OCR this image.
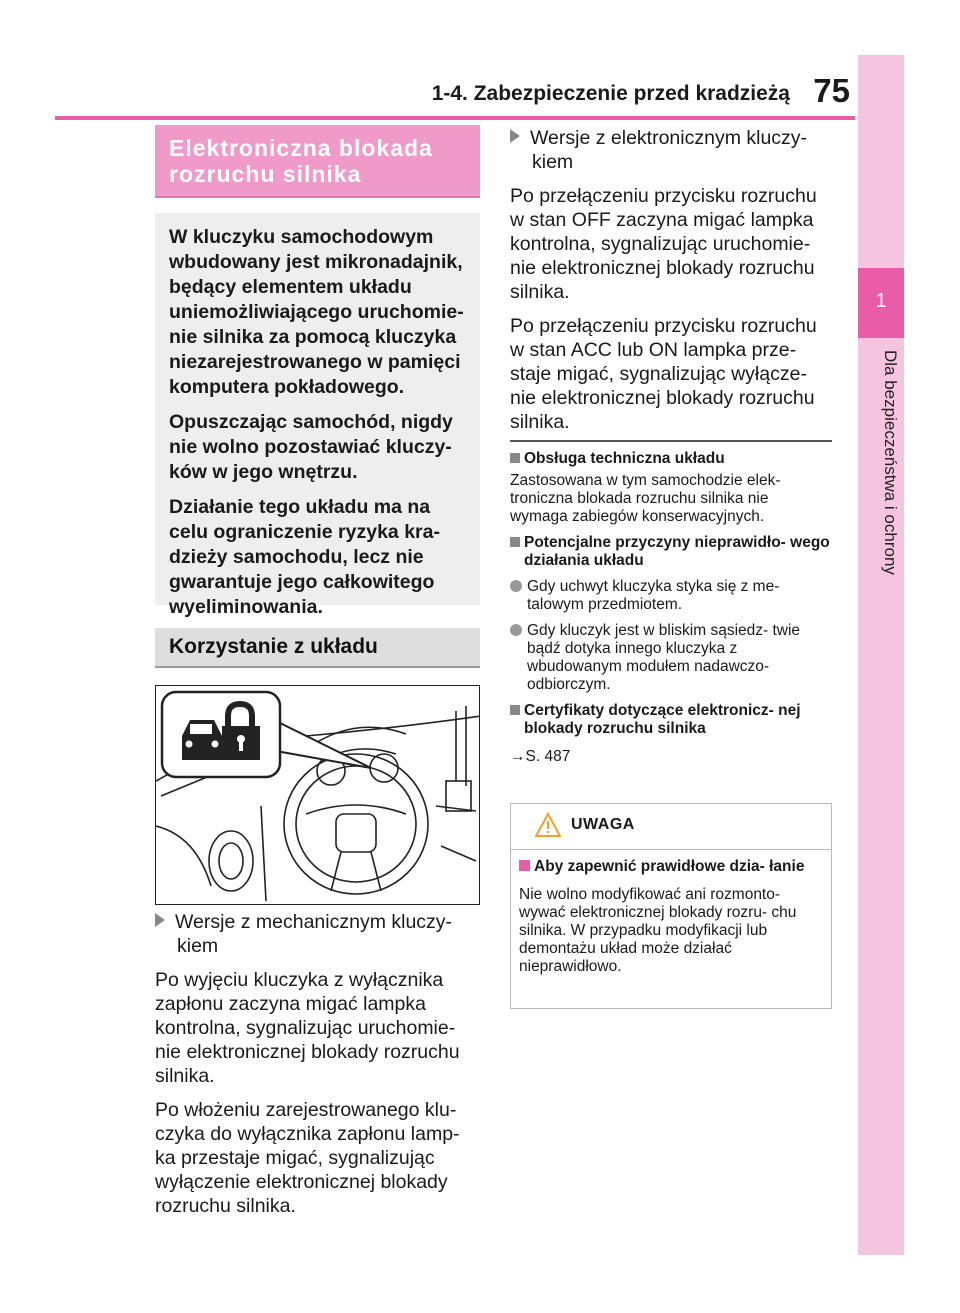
1-4. Zabezpieczenie przed kradzieżą 75
1
Dla bezpieczeństwa i ochrony
Elektroniczna blokada
rozruchu silnika

W kluczyku samochodowym wbudowany jest mikronadajnik, będący elementem układu uniemożliwiającego uruchomie- nie silnika za pomocą kluczyka niezarejestrowanego w pamięci komputera pokładowego.

Opuszczając samochód, nigdy nie wolno pozostawiać kluczy- ków w jego wnętrzu.

Działanie tego układu ma na celu ograniczenie ryzyka kra- dzieży samochodu, lecz nie gwarantuje jego całkowitego wyeliminowania.

Korzystanie z układu
Wersje z mechanicznym kluczy-
kiem

Po wyjęciu kluczyka z wyłącznika zapłonu zaczyna migać lampka kontrolna, sygnalizując uruchomie- nie elektronicznej blokady rozruchu silnika.

Po włożeniu zarejestrowanego klu- czyka do wyłącznika zapłonu lamp- ka przestaje migać, sygnalizując wyłączenie elektronicznej blokady rozruchu silnika.

Wersje z elektronicznym kluczy-
kiem

Po przełączeniu przycisku rozruchu w stan OFF zaczyna migać lampka kontrolna, sygnalizując uruchomie- nie elektronicznej blokady rozruchu silnika.

Po przełączeniu przycisku rozruchu w stan ACC lub ON lampka prze- staje migać, sygnalizując wyłącze- nie elektronicznej blokady rozruchu silnika.

Obsługa techniczna układu
Zastosowana w tym samochodzie elek- troniczna blokada rozruchu silnika nie wymaga zabiegów konserwacyjnych.
Potencjalne przyczyny nieprawidło- wego działania układu
Gdy uchwyt kluczyka styka się z me- talowym przedmiotem.
Gdy kluczyk jest w bliskim sąsiedz- twie bądź dotyka innego kluczyka z wbudowanym modułem nadawczo- odbiorczym.
Certyfikaty dotyczące elektronicz- nej blokady rozruchu silnika
→S. 487
UWAGA
Aby zapewnić prawidłowe dzia- łanie
Nie wolno modyfikować ani rozmonto- wywać elektronicznej blokady rozru- chu silnika. W przypadku modyfikacji lub demontażu układ może działać nieprawidłowo.
